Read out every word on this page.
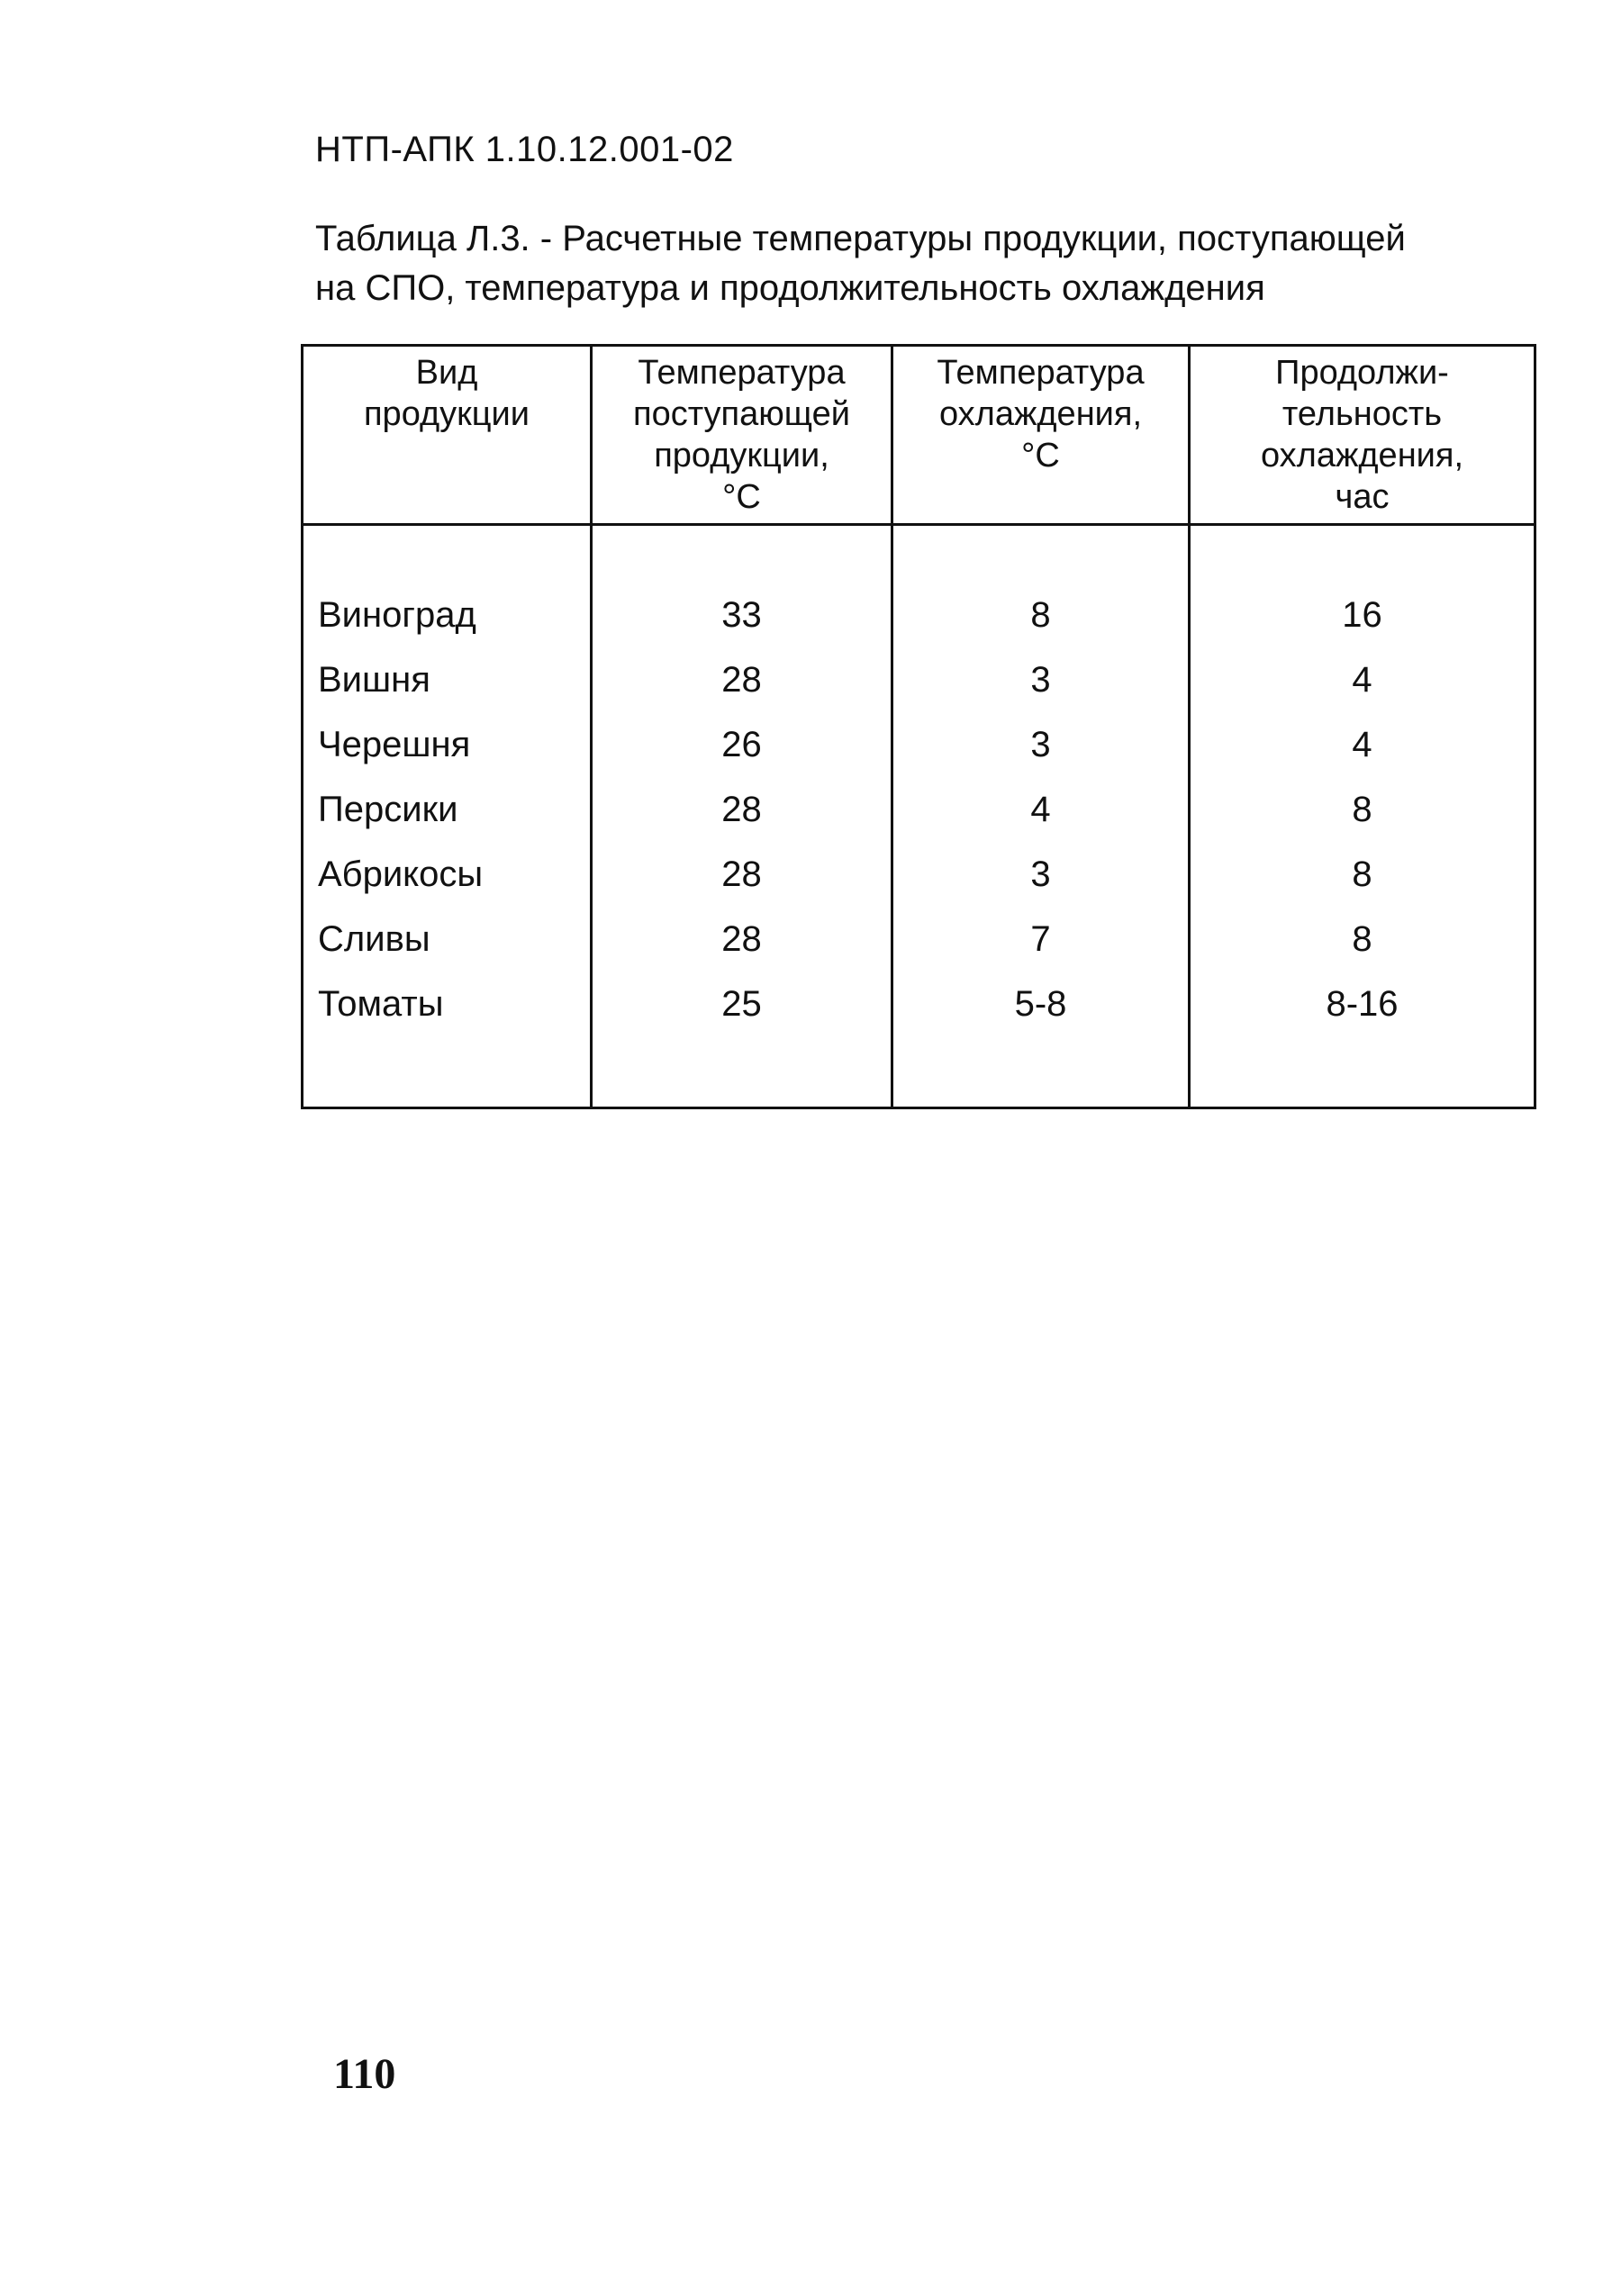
НТП-АПК 1.10.12.001-02
Таблица Л.3. - Расчетные температуры продукции, поступающей
на СПО, температура и продолжительность охлаждения
Вид
продукции
Виноград
Вишня
Черешня
Персики
Абрикосы
Сливы
Томаты
Температура
поступающей
продукции,
°С
33
28
26
28
28
28
25
Температура
охлаждения,
°С
8
3
3
4
3
7
5-8
Продолжи-
тельность
охлаждения,
час
16
4
4
8
8
8
8-16
110
